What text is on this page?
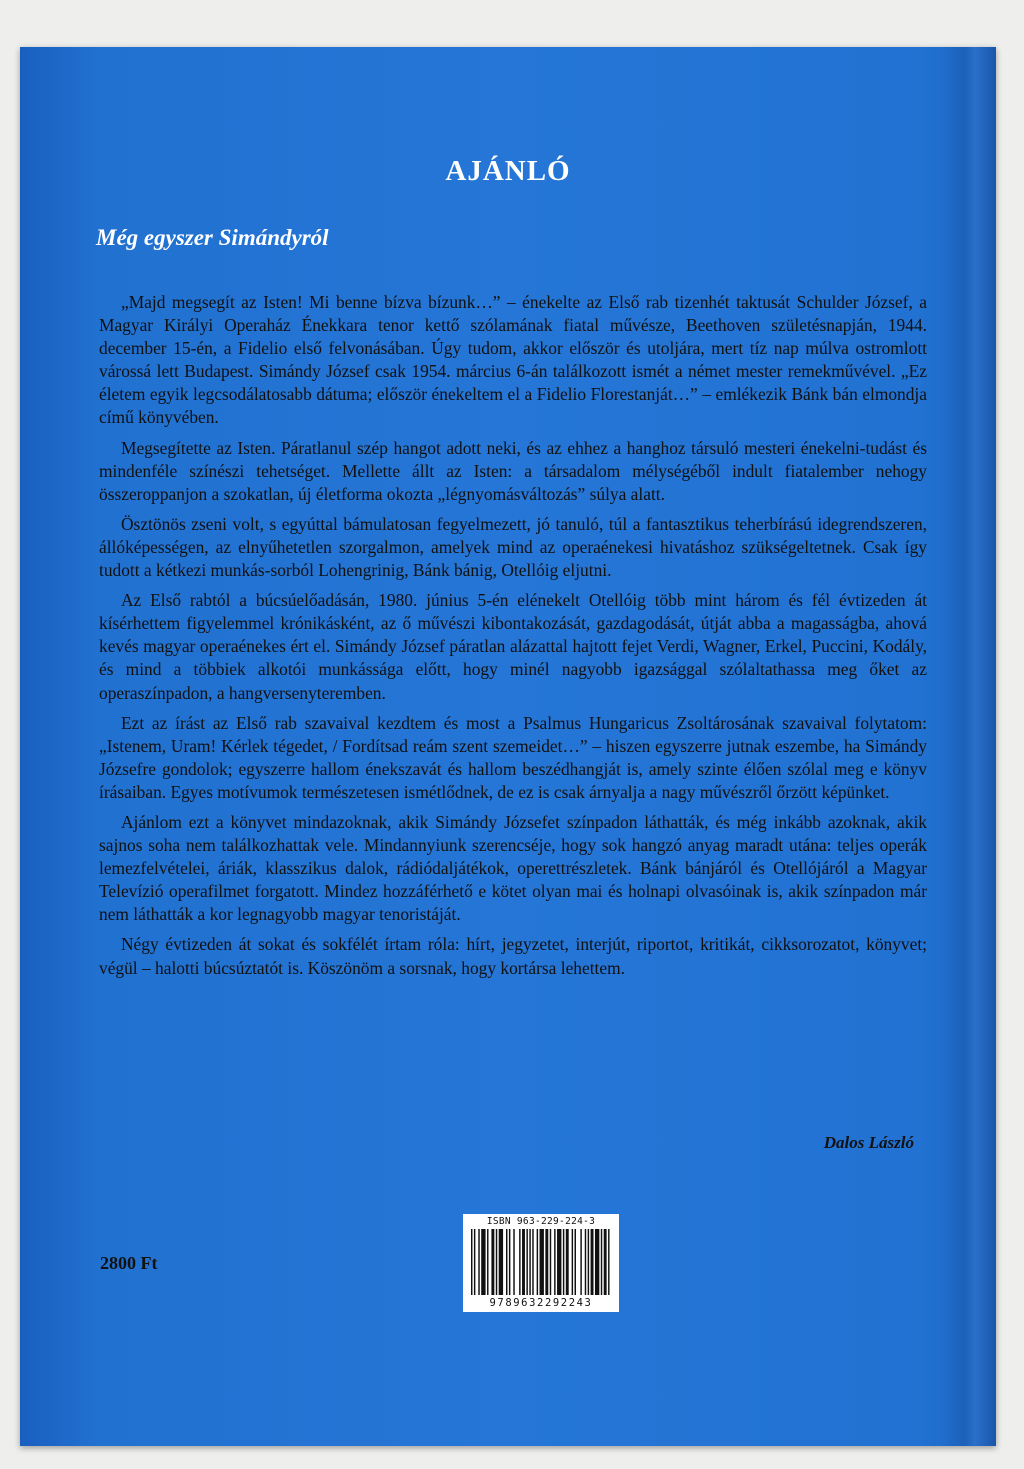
AJÁNLÓ
Még egyszer Simándyról

„Majd megsegít az Isten! Mi benne bízva bízunk…” – énekelte az Első rab tizenhét taktusát Schulder József, a Magyar Királyi Operaház Énekkara tenor kettő szólamának fiatal művésze, Beethoven születésnapján, 1944. december 15-én, a Fidelio első felvonásában. Úgy tudom, akkor először és utoljára, mert tíz nap múlva ostromlott várossá lett Budapest. Simándy József csak 1954. március 6-án találkozott ismét a német mester remekművével. „Ez életem egyik legcsodálatosabb dátuma; először énekeltem el a Fidelio Florestanját…” – emlékezik Bánk bán elmondja című könyvében.

Megsegítette az Isten. Páratlanul szép hangot adott neki, és az ehhez a hanghoz társuló mesteri énekelni-tudást és mindenféle színészi tehetséget. Mellette állt az Isten: a társadalom mélységéből indult fiatalember nehogy összeroppanjon a szokatlan, új életforma okozta „légnyomásváltozás” súlya alatt.

Ösztönös zseni volt, s egyúttal bámulatosan fegyelmezett, jó tanuló, túl a fantasztikus teherbírású idegrendszeren, állóképességen, az elnyűhetetlen szorgalmon, amelyek mind az operaénekesi hivatáshoz szükségeltetnek. Csak így tudott a kétkezi munkás-sorból Lohengrinig, Bánk bánig, Otellóig eljutni.

Az Első rabtól a búcsúelőadásán, 1980. június 5-én elénekelt Otellóig több mint három és fél évtizeden át kísérhettem figyelemmel krónikásként, az ő művészi kibontakozását, gazdagodását, útját abba a magasságba, ahová kevés magyar operaénekes ért el. Simándy József páratlan alázattal hajtott fejet Verdi, Wagner, Erkel, Puccini, Kodály, és mind a többiek alkotói munkássága előtt, hogy minél nagyobb igazsággal szólaltathassa meg őket az operaszínpadon, a hangversenyteremben.

Ezt az írást az Első rab szavaival kezdtem és most a Psalmus Hungaricus Zsoltárosának szavaival folytatom: „Istenem, Uram! Kérlek tégedet, / Fordítsad reám szent szemeidet…” – hiszen egyszerre jutnak eszembe, ha Simándy Józsefre gondolok; egyszerre hallom énekszavát és hallom beszédhangját is, amely szinte élően szólal meg e könyv írásaiban. Egyes motívumok természetesen ismétlődnek, de ez is csak árnyalja a nagy művészről őrzött képünket.

Ajánlom ezt a könyvet mindazoknak, akik Simándy Józsefet színpadon láthatták, és még inkább azoknak, akik sajnos soha nem találkozhattak vele. Mindannyiunk szerencséje, hogy sok hangzó anyag maradt utána: teljes operák lemezfelvételei, áriák, klasszikus dalok, rádiódaljátékok, operettrészletek. Bánk bánjáról és Otellójáról a Magyar Televízió operafilmet forgatott. Mindez hozzáférhető e kötet olyan mai és holnapi olvasóinak is, akik színpadon már nem láthatták a kor legnagyobb magyar tenoristáját.

Négy évtizeden át sokat és sokfélét írtam róla: hírt, jegyzetet, interjút, riportot, kritikát, cikksorozatot, könyvet; végül – halotti búcsúztatót is. Köszönöm a sorsnak, hogy kortársa lehettem.

Dalos László
2800 Ft
ISBN 963-229-224-3
9789632292243
